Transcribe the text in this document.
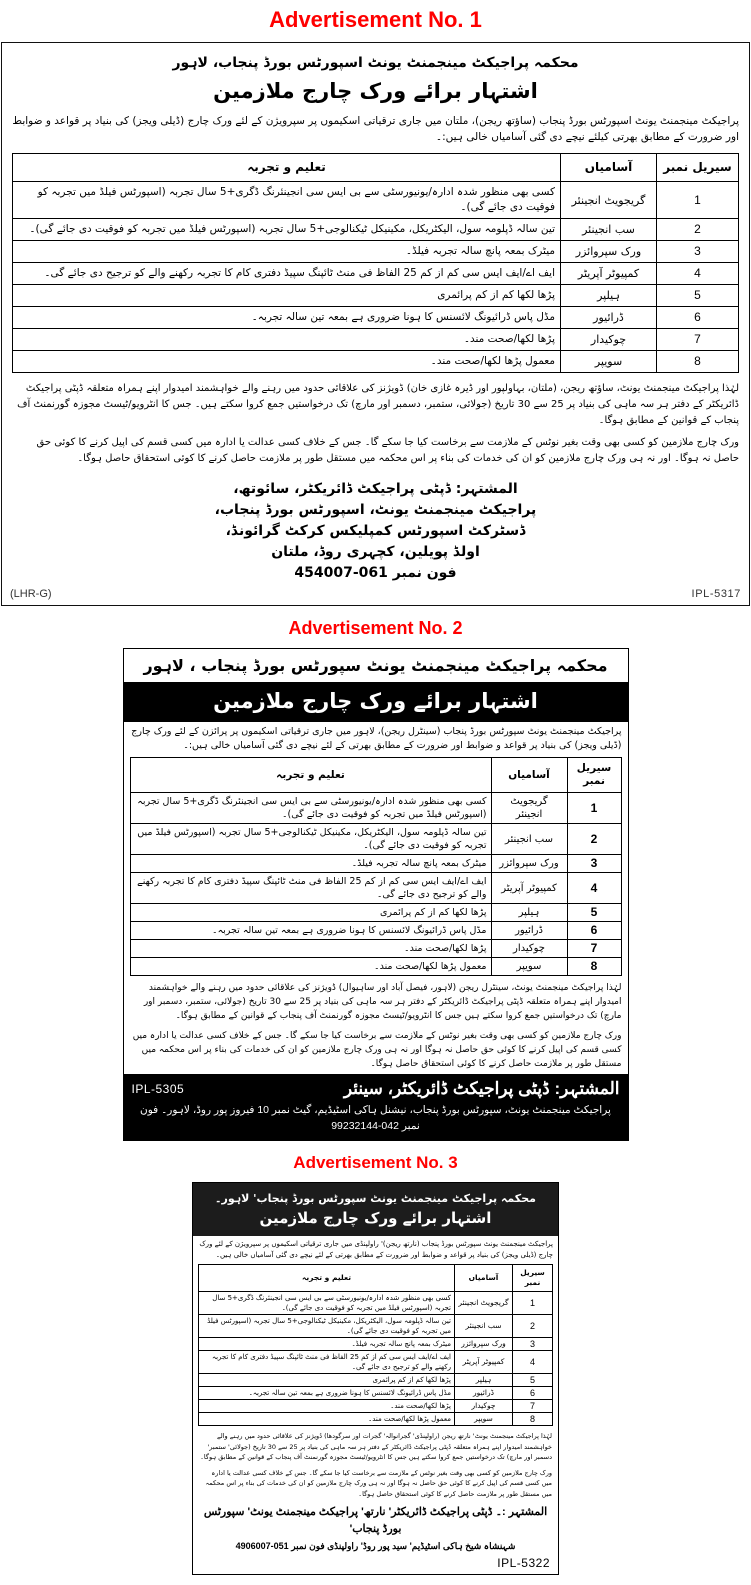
Advertisement No. 1
محکمہ پراجیکٹ مینجمنٹ یونٹ اسپورٹس بورڈ پنجاب، لاہور
اشتہار برائے ورک چارج ملازمین
پراجیکٹ مینجمنٹ یونٹ اسپورٹس بورڈ پنجاب (ساؤتھ ریجن)، ملتان میں جاری ترقیاتی اسکیموں پر سپرویژن کے لئے ورک چارج (ڈیلی ویجز) کی بنیاد پر قواعد و ضوابط اور ضرورت کے مطابق بھرتی کیلئے نیچے دی گئی آسامیاں خالی ہیں:۔
تعلیم و تجربہ	آسامیاں	سیریل نمبر
کسی بھی منظور شدہ ادارہ/یونیورسٹی سے بی ایس سی انجینئرنگ ڈگری+5 سال تجربہ (اسپورٹس فیلڈ میں تجربہ کو فوقیت دی جائے گی)۔	گریجویٹ انجینئر	1
تین سالہ ڈپلومہ سول، الیکٹریکل، مکینیکل ٹیکنالوجی+5 سال تجربہ (اسپورٹس فیلڈ میں تجربہ کو فوقیت دی جائے گی)۔	سب انجینئر	2
میٹرک بمعہ پانچ سالہ تجربہ فیلڈ۔	ورک سپروائزر	3
ایف اے/ایف ایس سی کم از کم 25 الفاظ فی منٹ ٹائپنگ سپیڈ دفتری کام کا تجربہ رکھنے والے کو ترجیح دی جائے گی۔	کمپیوٹر آپریٹر	4
پڑھا لکھا کم از کم پرائمری	ہیلپر	5
مڈل پاس ڈرائیونگ لائسنس کا ہونا ضروری ہے بمعہ تین سالہ تجربہ۔	ڈرائیور	6
پڑھا لکھا/صحت مند۔	چوکیدار	7
معمول پڑھا لکھا/صحت مند۔	سویپر	8
لہٰذا پراجیکٹ مینجمنٹ یونٹ، ساؤتھ ریجن، (ملتان، بہاولپور اور ڈیرہ غازی خان) ڈویژنز کی علاقائی حدود میں رہنے والے خواہشمند امیدوار اپنے ہمراہ متعلقہ ڈپٹی پراجیکٹ ڈائریکٹر کے دفتر ہر سہ ماہی کی بنیاد پر 25 سے 30 تاریخ (جولائی، ستمبر، دسمبر اور مارچ) تک درخواستیں جمع کروا سکتے ہیں۔ جس کا انٹرویو/ٹیسٹ مجوزہ گورنمنٹ آف پنجاب کے قوانین کے مطابق ہوگا۔
ورک چارج ملازمین کو کسی بھی وقت بغیر نوٹس کے ملازمت سے برخاست کیا جا سکے گا۔ جس کے خلاف کسی عدالت یا ادارہ میں کسی قسم کی اپیل کرنے کا کوئی حق حاصل نہ ہوگا۔ اور نہ ہی ورک چارج ملازمین کو ان کی خدمات کی بناء پر اس محکمہ میں مستقل طور پر ملازمت حاصل کرنے کا کوئی استحقاق حاصل ہوگا۔
المشتہر: ڈپٹی پراجیکٹ ڈائریکٹر، سائوتھ،
پراجیکٹ مینجمنٹ یونٹ، اسپورٹس بورڈ پنجاب،
ڈسٹرکٹ اسپورٹس کمپلیکس کرکٹ گرائونڈ،
اولڈ پویلین، کچہری روڈ، ملتان
فون نمبر 061-454007
(LHR-G)	IPL-5317
Advertisement No. 2
محکمہ پراجیکٹ مینجمنٹ یونٹ سپورٹس بورڈ پنجاب ، لاہور
اشتہار برائے ورک چارج ملازمین
پراجیکٹ مینجمنٹ یونٹ سپورٹس بورڈ پنجاب (سینٹرل ریجن)، لاہور میں جاری ترقیاتی اسکیموں پر پرائزن کے لئے ورک چارج (ڈیلی ویجز) کی بنیاد پر قواعد و ضوابط اور ضرورت کے مطابق بھرتی کے لئے نیچے دی گئی آسامیاں خالی ہیں:۔
تعلیم و تجربہ	آسامیاں	سیریل نمبر
کسی بھی منظور شدہ ادارہ/یونیورسٹی سے بی ایس سی انجینئرنگ ڈگری+5 سال تجربہ (اسپورٹس فیلڈ میں تجربہ کو فوقیت دی جائے گی)۔	گریجویٹ انجینئر	1
تین سالہ ڈپلومہ سول، الیکٹریکل، مکینیکل ٹیکنالوجی+5 سال تجربہ (اسپورٹس فیلڈ میں تجربہ کو فوقیت دی جائے گی)۔	سب انجینئر	2
میٹرک بمعہ پانچ سالہ تجربہ فیلڈ۔	ورک سپروائزر	3
ایف اے/ایف ایس سی کم از کم 25 الفاظ فی منٹ ٹائپنگ سپیڈ دفتری کام کا تجربہ رکھنے والے کو ترجیح دی جائے گی۔	کمپیوٹر آپریٹر	4
پڑھا لکھا کم از کم پرائمری	ہیلپر	5
مڈل پاس ڈرائیونگ لائسنس کا ہونا ضروری ہے بمعہ تین سالہ تجربہ۔	ڈرائیور	6
پڑھا لکھا/صحت مند۔	چوکیدار	7
معمول پڑھا لکھا/صحت مند۔	سویپر	8
لہٰذا پراجیکٹ مینجمنٹ یونٹ، سینٹرل ریجن (لاہور، فیصل آباد اور ساہیوال) ڈویژنز کی علاقائی حدود میں رہنے والے خواہشمند امیدوار اپنے ہمراہ متعلقہ ڈپٹی پراجیکٹ ڈائریکٹر کے دفتر ہر سہ ماہی کی بنیاد پر 25 سے 30 تاریخ (جولائی، ستمبر، دسمبر اور مارچ) تک درخواستیں جمع کروا سکتے ہیں جس کا انٹرویو/ٹیسٹ مجوزہ گورنمنٹ آف پنجاب کے قوانین کے مطابق ہوگا۔
ورک چارج ملازمین کو کسی بھی وقت بغیر نوٹس کے ملازمت سے برخاست کیا جا سکے گا۔ جس کے خلاف کسی عدالت یا ادارہ میں کسی قسم کی اپیل کرنے کا کوئی حق حاصل نہ ہوگا اور نہ ہی ورک چارج ملازمین کو ان کی خدمات کی بناء پر اس محکمہ میں مستقل طور پر ملازمت حاصل کرنے کا کوئی استحقاق حاصل ہوگا۔
IPL-5305	المشتہر: ڈپٹی پراجیکٹ ڈائریکٹر، سینئر
پراجیکٹ مینجمنٹ یونٹ، سپورٹس بورڈ پنجاب، نیشنل ہاکی اسٹیڈیم، گیٹ نمبر 10 فیروز پور روڈ، لاہور۔ فون نمبر 042-99232144
Advertisement No. 3
محکمہ پراجیکٹ مینجمنٹ یونٹ سپورٹس بورڈ پنجاب' لاہور۔
اشتہار برائے ورک چارج ملازمین
پراجیکٹ مینجمنٹ یونٹ سپورٹس بورڈ پنجاب (نارتھ ریجن)' راولپنڈی میں جاری ترقیاتی اسکیموں پر سپرویژن کے لئے ورک چارج (ڈیلی ویجز) کی بنیاد پر قواعد و ضوابط اور ضرورت کے مطابق بھرتی کے لئے نیچے دی گئی آسامیاں خالی ہیں۔
تعلیم و تجربہ	آسامیاں	سیریل نمبر
کسی بھی منظور شدہ ادارہ/یونیورسٹی سے بی ایس سی انجینئرنگ ڈگری+5 سال تجربہ (اسپورٹس فیلڈ میں تجربہ کو فوقیت دی جائے گی)۔	گریجویٹ انجینئر	1
تین سالہ ڈپلومہ سول، الیکٹریکل، مکینیکل ٹیکنالوجی+5 سال تجربہ (اسپورٹس فیلڈ میں تجربہ کو فوقیت دی جائے گی)۔	سب انجینئر	2
میٹرک بمعہ پانچ سالہ تجربہ فیلڈ۔	ورک سپروائزر	3
ایف اے/ایف ایس سی کم از کم 25 الفاظ فی منٹ ٹائپنگ سپیڈ دفتری کام کا تجربہ رکھنے والے کو ترجیح دی جائے گی۔	کمپیوٹر آپریٹر	4
پڑھا لکھا کم از کم پرائمری	ہیلپر	5
مڈل پاس ڈرائیونگ لائسنس کا ہونا ضروری ہے بمعہ تین سالہ تجربہ۔	ڈرائیور	6
پڑھا لکھا/صحت مند۔	چوکیدار	7
معمول پڑھا لکھا/صحت مند۔	سویپر	8
لہٰذا پراجیکٹ مینجمنٹ یونٹ' نارتھ ریجن (راولپنڈی' گجرانوالہ' گجرات اور سرگودھا) ڈویژنز کی علاقائی حدود میں رہنے والے خواہشمند امیدوار اپنے ہمراہ متعلقہ ڈپٹی پراجیکٹ ڈائریکٹر کے دفتر ہر سہ ماہی کی بنیاد پر 25 سے 30 تاریخ (جولائی' ستمبر' دسمبر اور مارچ) تک درخواستیں جمع کروا سکتے ہیں جس کا انٹرویو/ٹیسٹ مجوزہ گورنمنٹ آف پنجاب کے قوانین کے مطابق ہوگا۔
ورک چارج ملازمین کو کسی بھی وقت بغیر نوٹس کے ملازمت سے برخاست کیا جا سکے گا۔ جس کے خلاف کسی عدالت یا ادارہ میں کسی قسم کی اپیل کرنے کا کوئی حق حاصل نہ ہوگا اور نہ ہی ورک چارج ملازمین کو ان کی خدمات کی بناء پر اس محکمہ میں مستقل طور پر ملازمت حاصل کرنے کا کوئی استحقاق حاصل ہوگا۔
المشتہر :۔ ڈپٹی پراجیکٹ ڈائریکٹر' نارتھ' پراجیکٹ مینجمنٹ یونٹ' سپورٹس بورڈ پنجاب'
شہنشاہ شیخ ہاکی اسٹیڈیم' سید پور روڈ' راولپنڈی فون نمبر 051-4906007
IPL-5322
